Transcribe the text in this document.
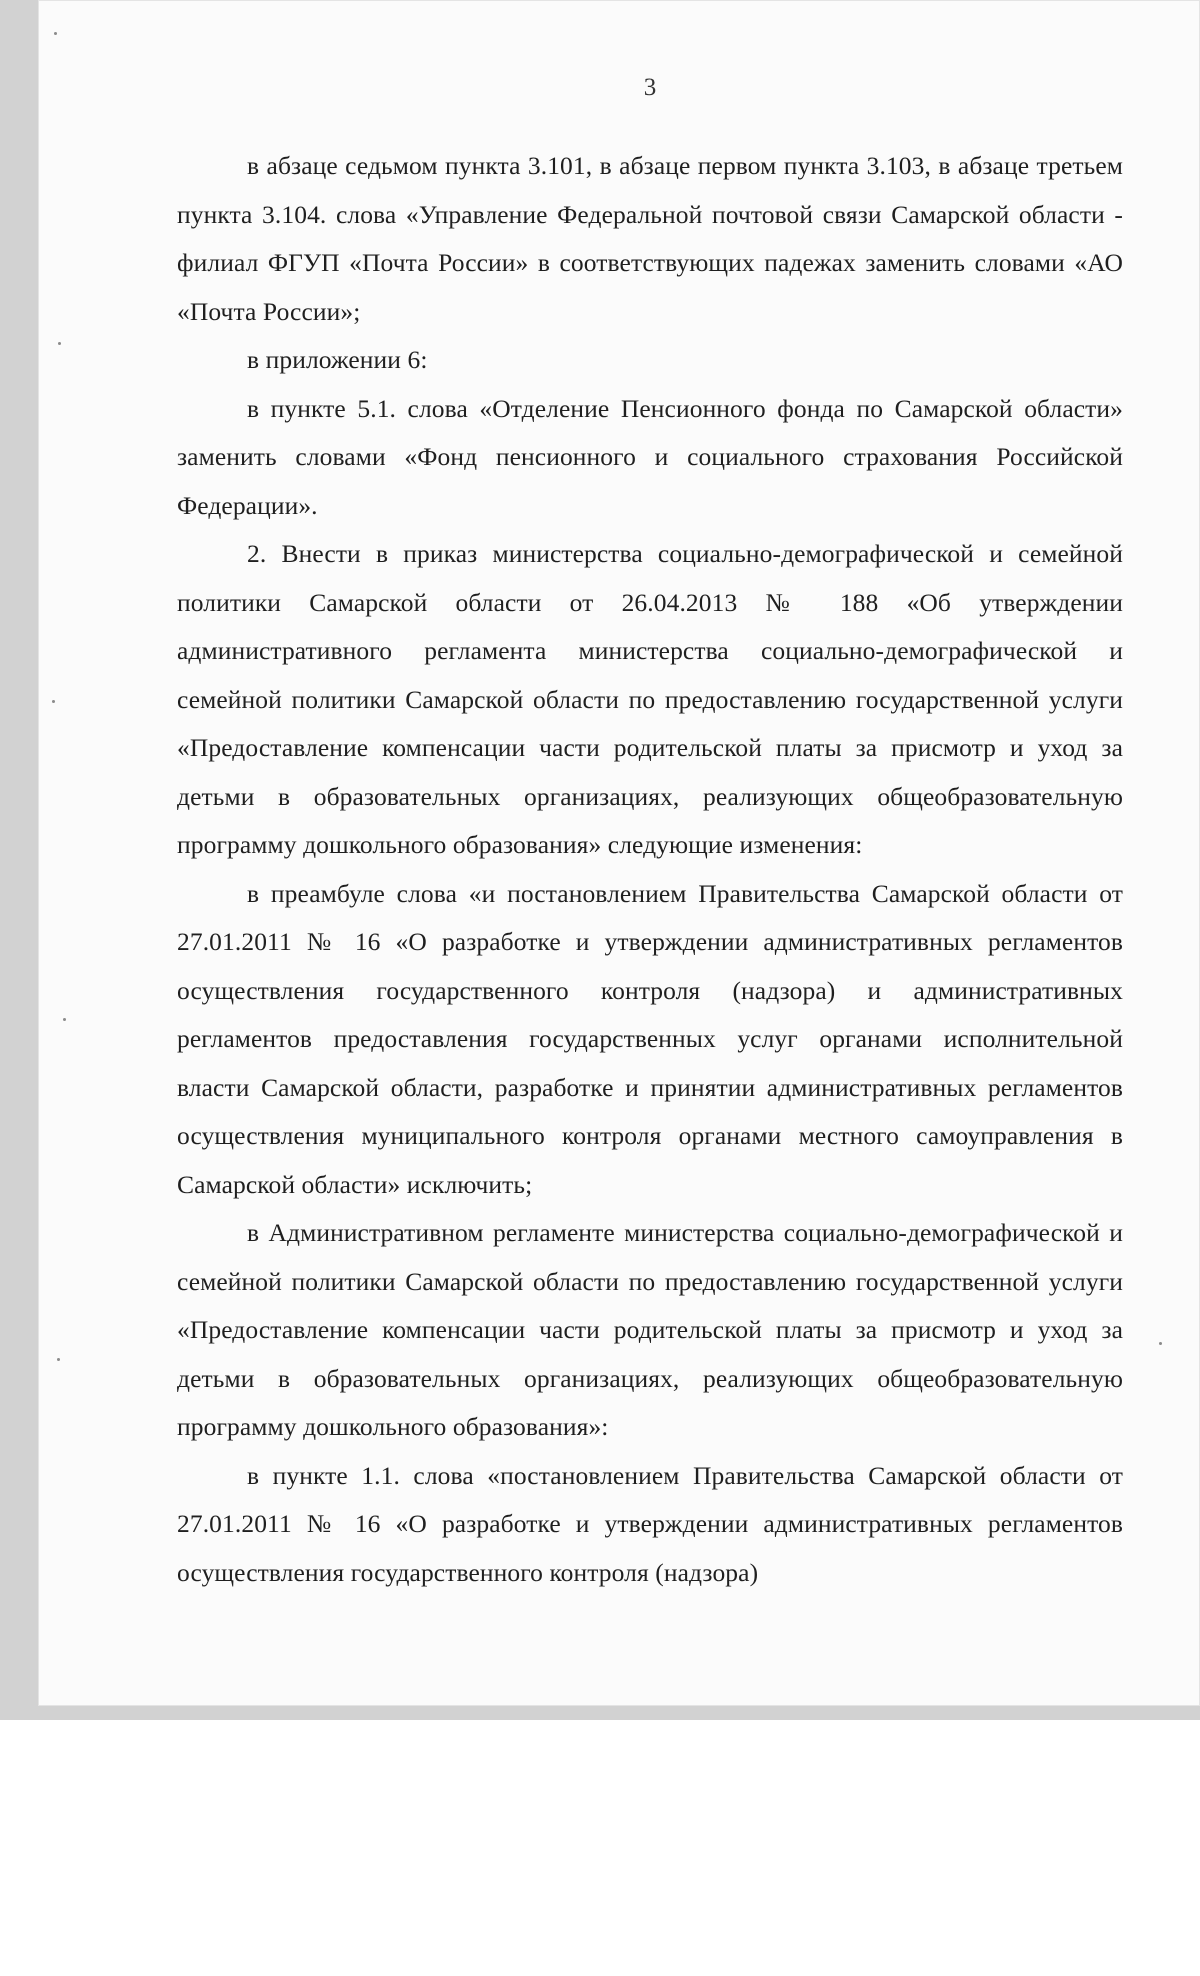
3

в абзаце седьмом пункта 3.101, в абзаце первом пункта 3.103, в абзаце третьем пункта 3.104. слова «Управление Федеральной почтовой связи Самарской области - филиал ФГУП «Почта России» в соответствующих падежах заменить словами «АО «Почта России»;

в приложении 6:

в пункте 5.1. слова «Отделение Пенсионного фонда по Самарской области» заменить словами «Фонд пенсионного и социального страхования Российской Федерации».

2. Внести в приказ министерства социально-демографической и семейной политики Самарской области от 26.04.2013 № 188 «Об утверждении административного регламента министерства социально-демографической и семейной политики Самарской области по предоставлению государственной услуги «Предоставление компенсации части родительской платы за присмотр и уход за детьми в образовательных организациях, реализующих общеобразовательную программу дошкольного образования» следующие изменения:

в преамбуле слова «и постановлением Правительства Самарской области от 27.01.2011 № 16 «О разработке и утверждении административных регламентов осуществления государственного контроля (надзора) и административных регламентов предоставления государственных услуг органами исполнительной власти Самарской области, разработке и принятии административных регламентов осуществления муниципального контроля органами местного самоуправления в Самарской области» исключить;

в Административном регламенте министерства социально-демографической и семейной политики Самарской области по предоставлению государственной услуги «Предоставление компенсации части родительской платы за присмотр и уход за детьми в образовательных организациях, реализующих общеобразовательную программу дошкольного образования»:

в пункте 1.1. слова «постановлением Правительства Самарской области от 27.01.2011 № 16 «О разработке и утверждении административных регламентов осуществления государственного контроля (надзора)
